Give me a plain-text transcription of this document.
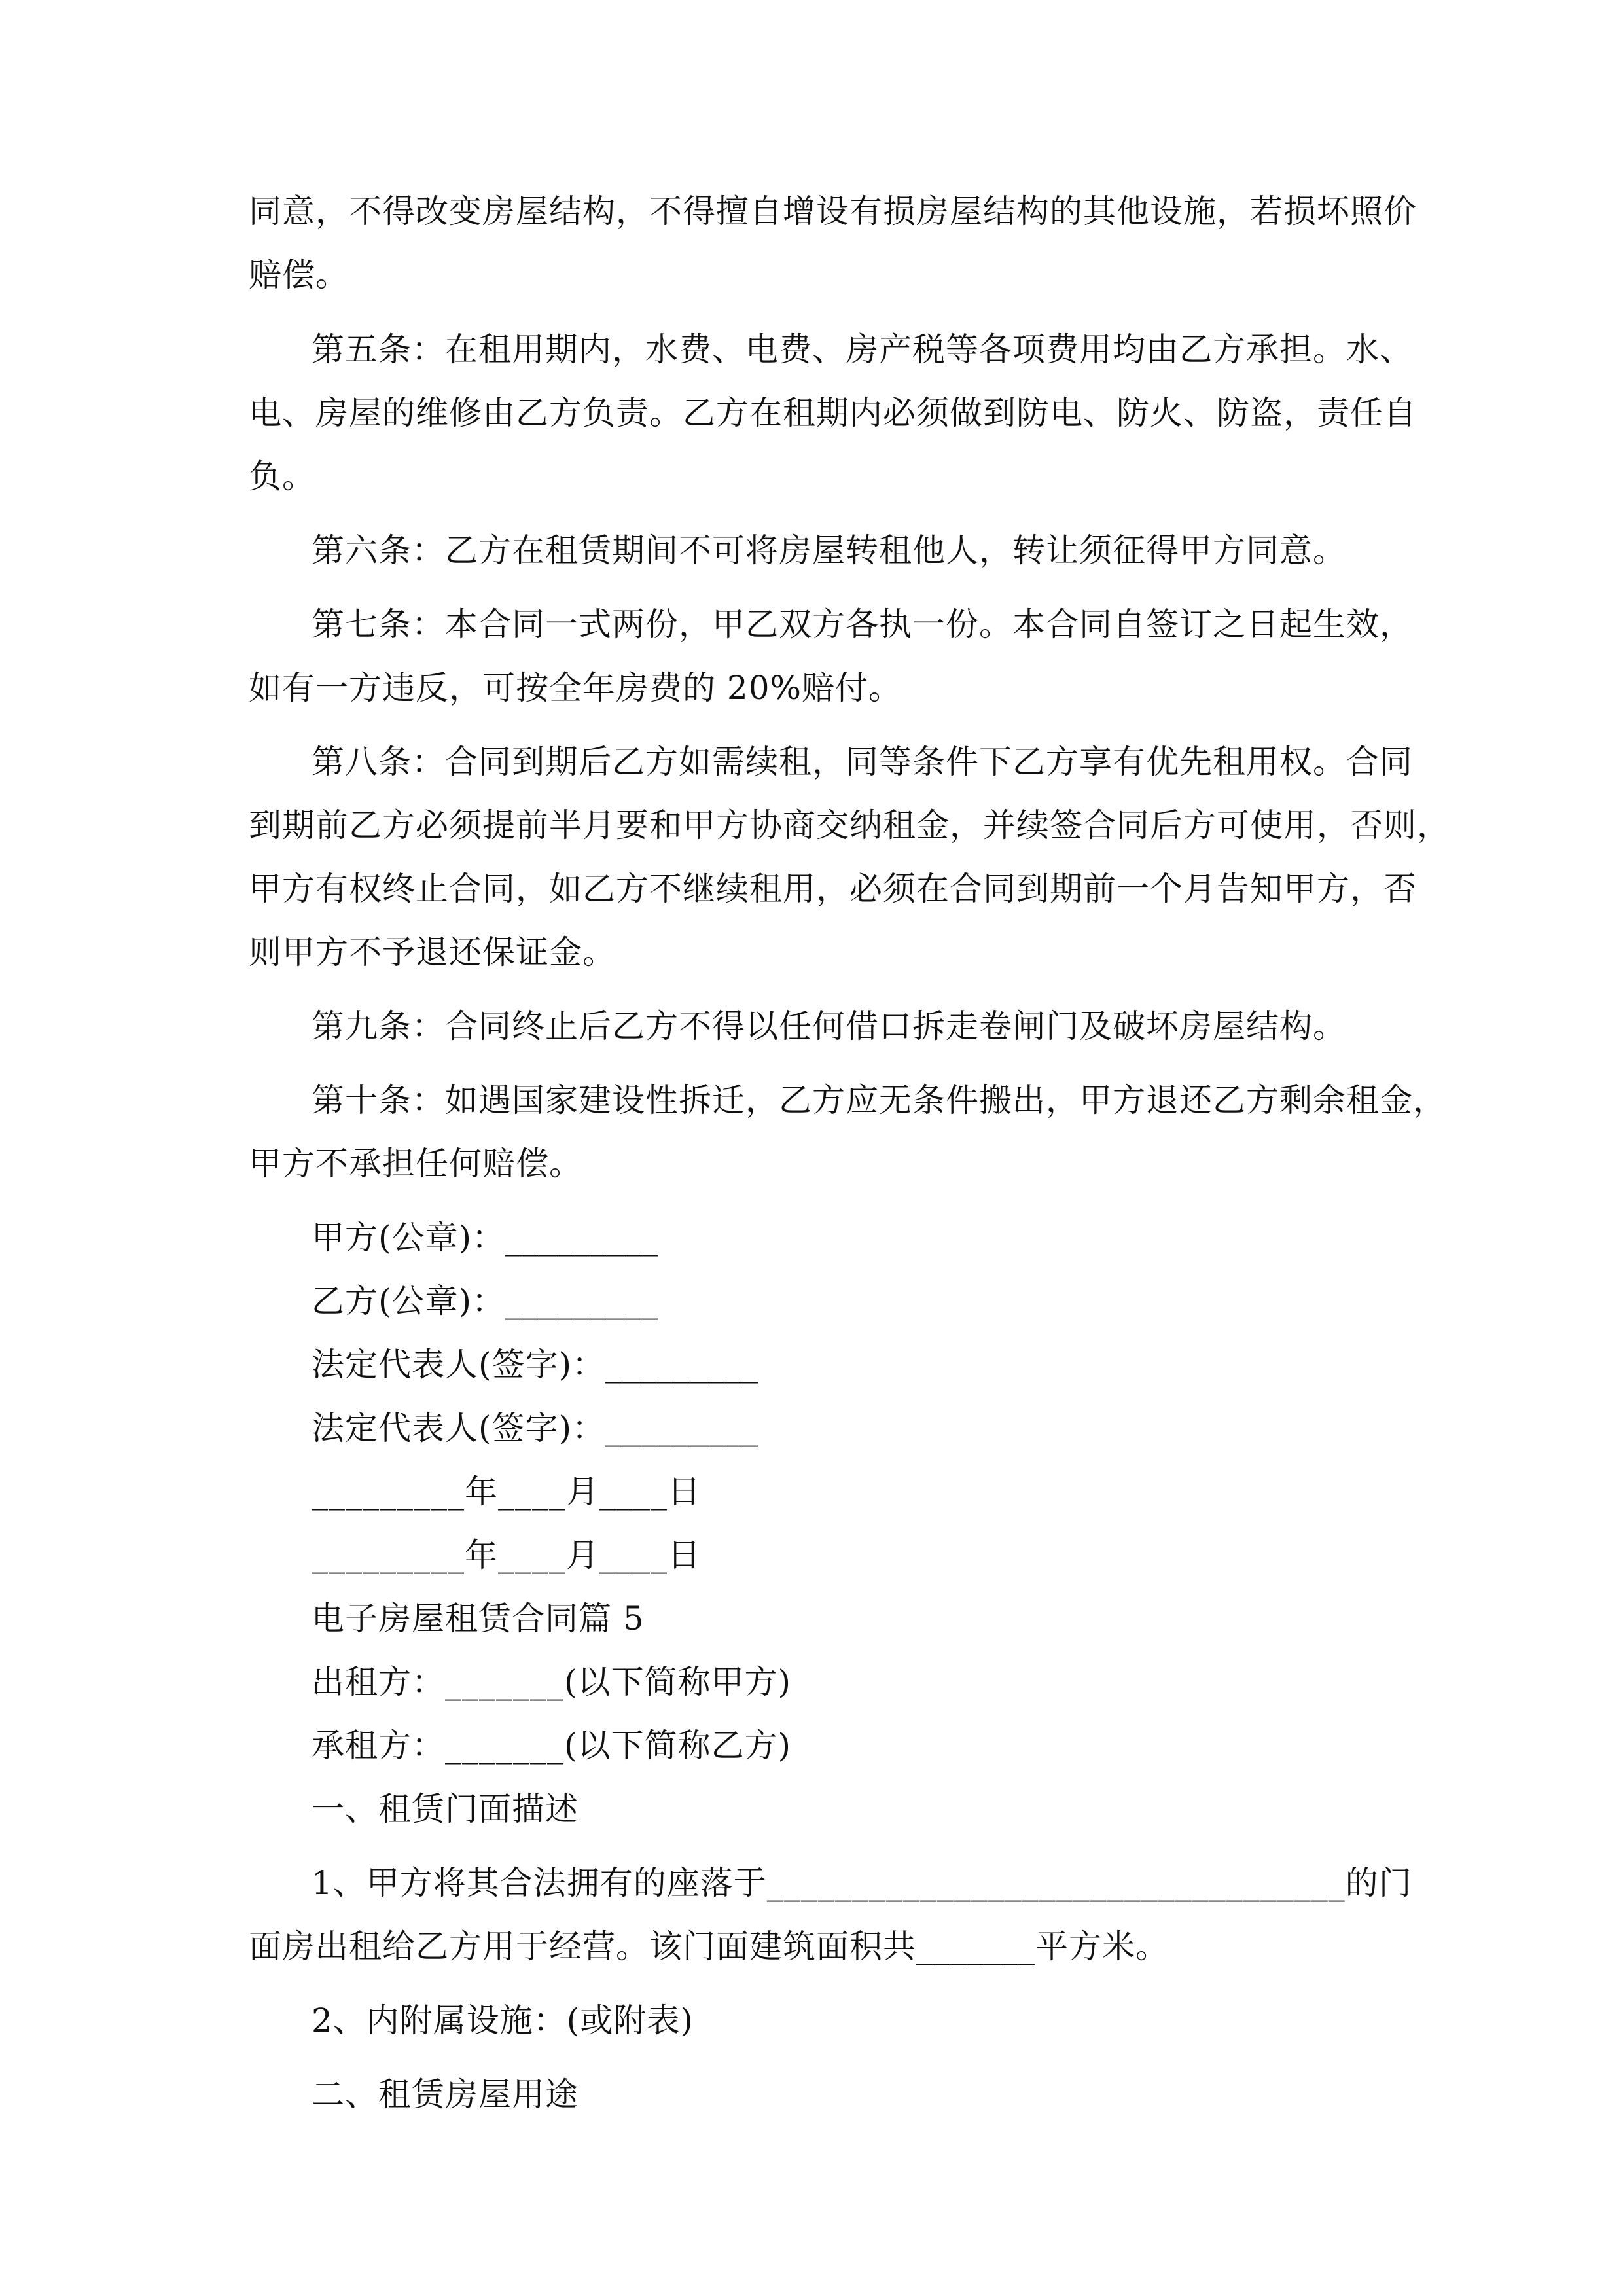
同意，不得改变房屋结构，不得擅自增设有损房屋结构的其他设施，若损坏照价
赔偿。
第五条：在租用期内，水费、电费、房产税等各项费用均由乙方承担。水、
电、房屋的维修由乙方负责。乙方在租期内必须做到防电、防火、防盗，责任自
负。
第六条：乙方在租赁期间不可将房屋转租他人，转让须征得甲方同意。
第七条：本合同一式两份，甲乙双方各执一份。本合同自签订之日起生效，
如有一方违反，可按全年房费的 20%赔付。
第八条：合同到期后乙方如需续租，同等条件下乙方享有优先租用权。合同
到期前乙方必须提前半月要和甲方协商交纳租金，并续签合同后方可使用，否则，
甲方有权终止合同，如乙方不继续租用，必须在合同到期前一个月告知甲方，否
则甲方不予退还保证金。
第九条：合同终止后乙方不得以任何借口拆走卷闸门及破坏房屋结构。
第十条：如遇国家建设性拆迁，乙方应无条件搬出，甲方退还乙方剩余租金，
甲方不承担任何赔偿。
甲方(公章)：_________
乙方(公章)：_________
法定代表人(签字)：_________
法定代表人(签字)：_________
_________年____月____日
_________年____月____日
电子房屋租赁合同篇 5
出租方：_______(以下简称甲方)
承租方：_______(以下简称乙方)
一、租赁门面描述
1、甲方将其合法拥有的座落于__________________________________的门
面房出租给乙方用于经营。该门面建筑面积共_______平方米。
2、内附属设施：(或附表)
二、租赁房屋用途
